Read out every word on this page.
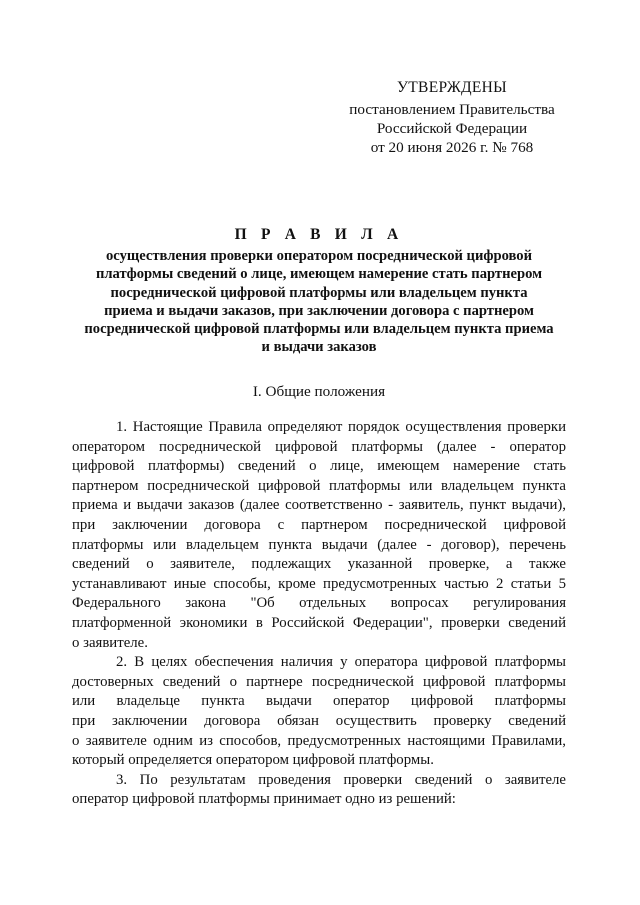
УТВЕРЖДЕНЫ
постановлением Правительства
Российской Федерации
от 20 июня 2026 г. № 768
П Р А В И Л А
осуществления проверки оператором посреднической цифровой
платформы сведений о лице, имеющем намерение стать партнером
посреднической цифровой платформы или владельцем пункта
приема и выдачи заказов, при заключении договора с партнером
посреднической цифровой платформы или владельцем пункта приема
и выдачи заказов
I. Общие положения
1. Настоящие Правила определяют порядок осуществления проверки
оператором посреднической цифровой платформы (далее - оператор
цифровой платформы) сведений о лице, имеющем намерение стать
партнером посреднической цифровой платформы или владельцем пункта
приема и выдачи заказов (далее соответственно - заявитель, пункт выдачи),
при заключении договора с партнером посреднической цифровой
платформы или владельцем пункта выдачи (далее - договор), перечень
сведений о заявителе, подлежащих указанной проверке, а также
устанавливают иные способы, кроме предусмотренных частью 2 статьи 5
Федерального закона "Об отдельных вопросах регулирования
платформенной экономики в Российской Федерации", проверки сведений
о заявителе.
2. В целях обеспечения наличия у оператора цифровой платформы
достоверных сведений о партнере посреднической цифровой платформы
или владельце пункта выдачи оператор цифровой платформы
при заключении договора обязан осуществить проверку сведений
о заявителе одним из способов, предусмотренных настоящими Правилами,
который определяется оператором цифровой платформы.
3. По результатам проведения проверки сведений о заявителе
оператор цифровой платформы принимает одно из решений:
